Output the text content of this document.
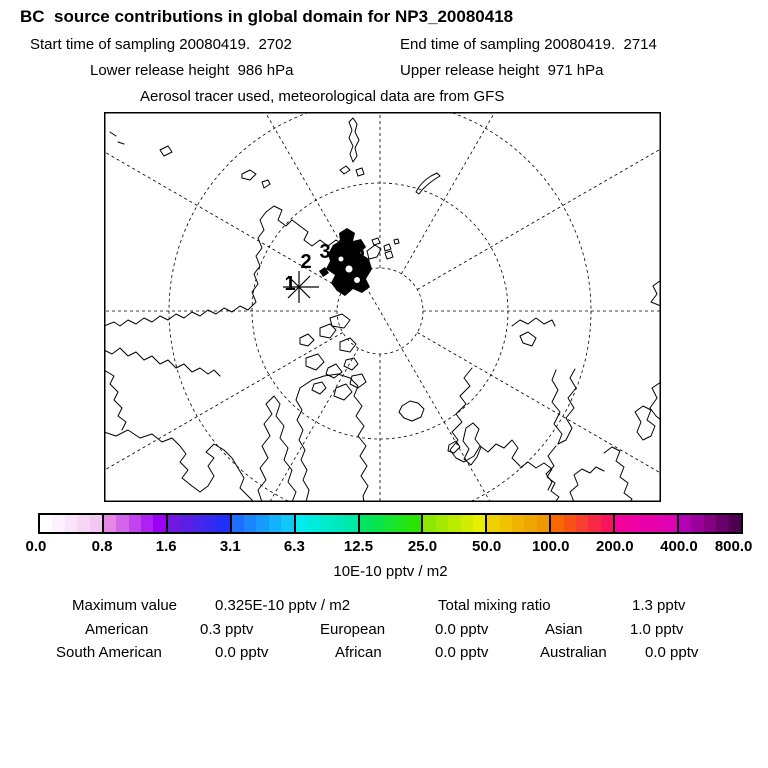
BC  source contributions in global domain for NP3_20080418
Start time of sampling 20080419.  2702	End time of sampling 20080419.  2714
Lower release height  986 hPa	Upper release height  971 hPa
Aerosol tracer used, meteorological data are from GFS
1
2 3 4 5
0.0	0.8	1.6	3.1	6.3	12.5 25.0 50.0 100.0 200.0 400.0 800.0
10E-10 pptv / m2
Maximum value	0.325E-10 pptv / m2	Total mixing ratio	1.3 pptv
American	0.3 pptv	European	0.0 pptv	Asian	1.0 pptv
South American	0.0 pptv	African	0.0 pptv	Australian	0.0 pptv
